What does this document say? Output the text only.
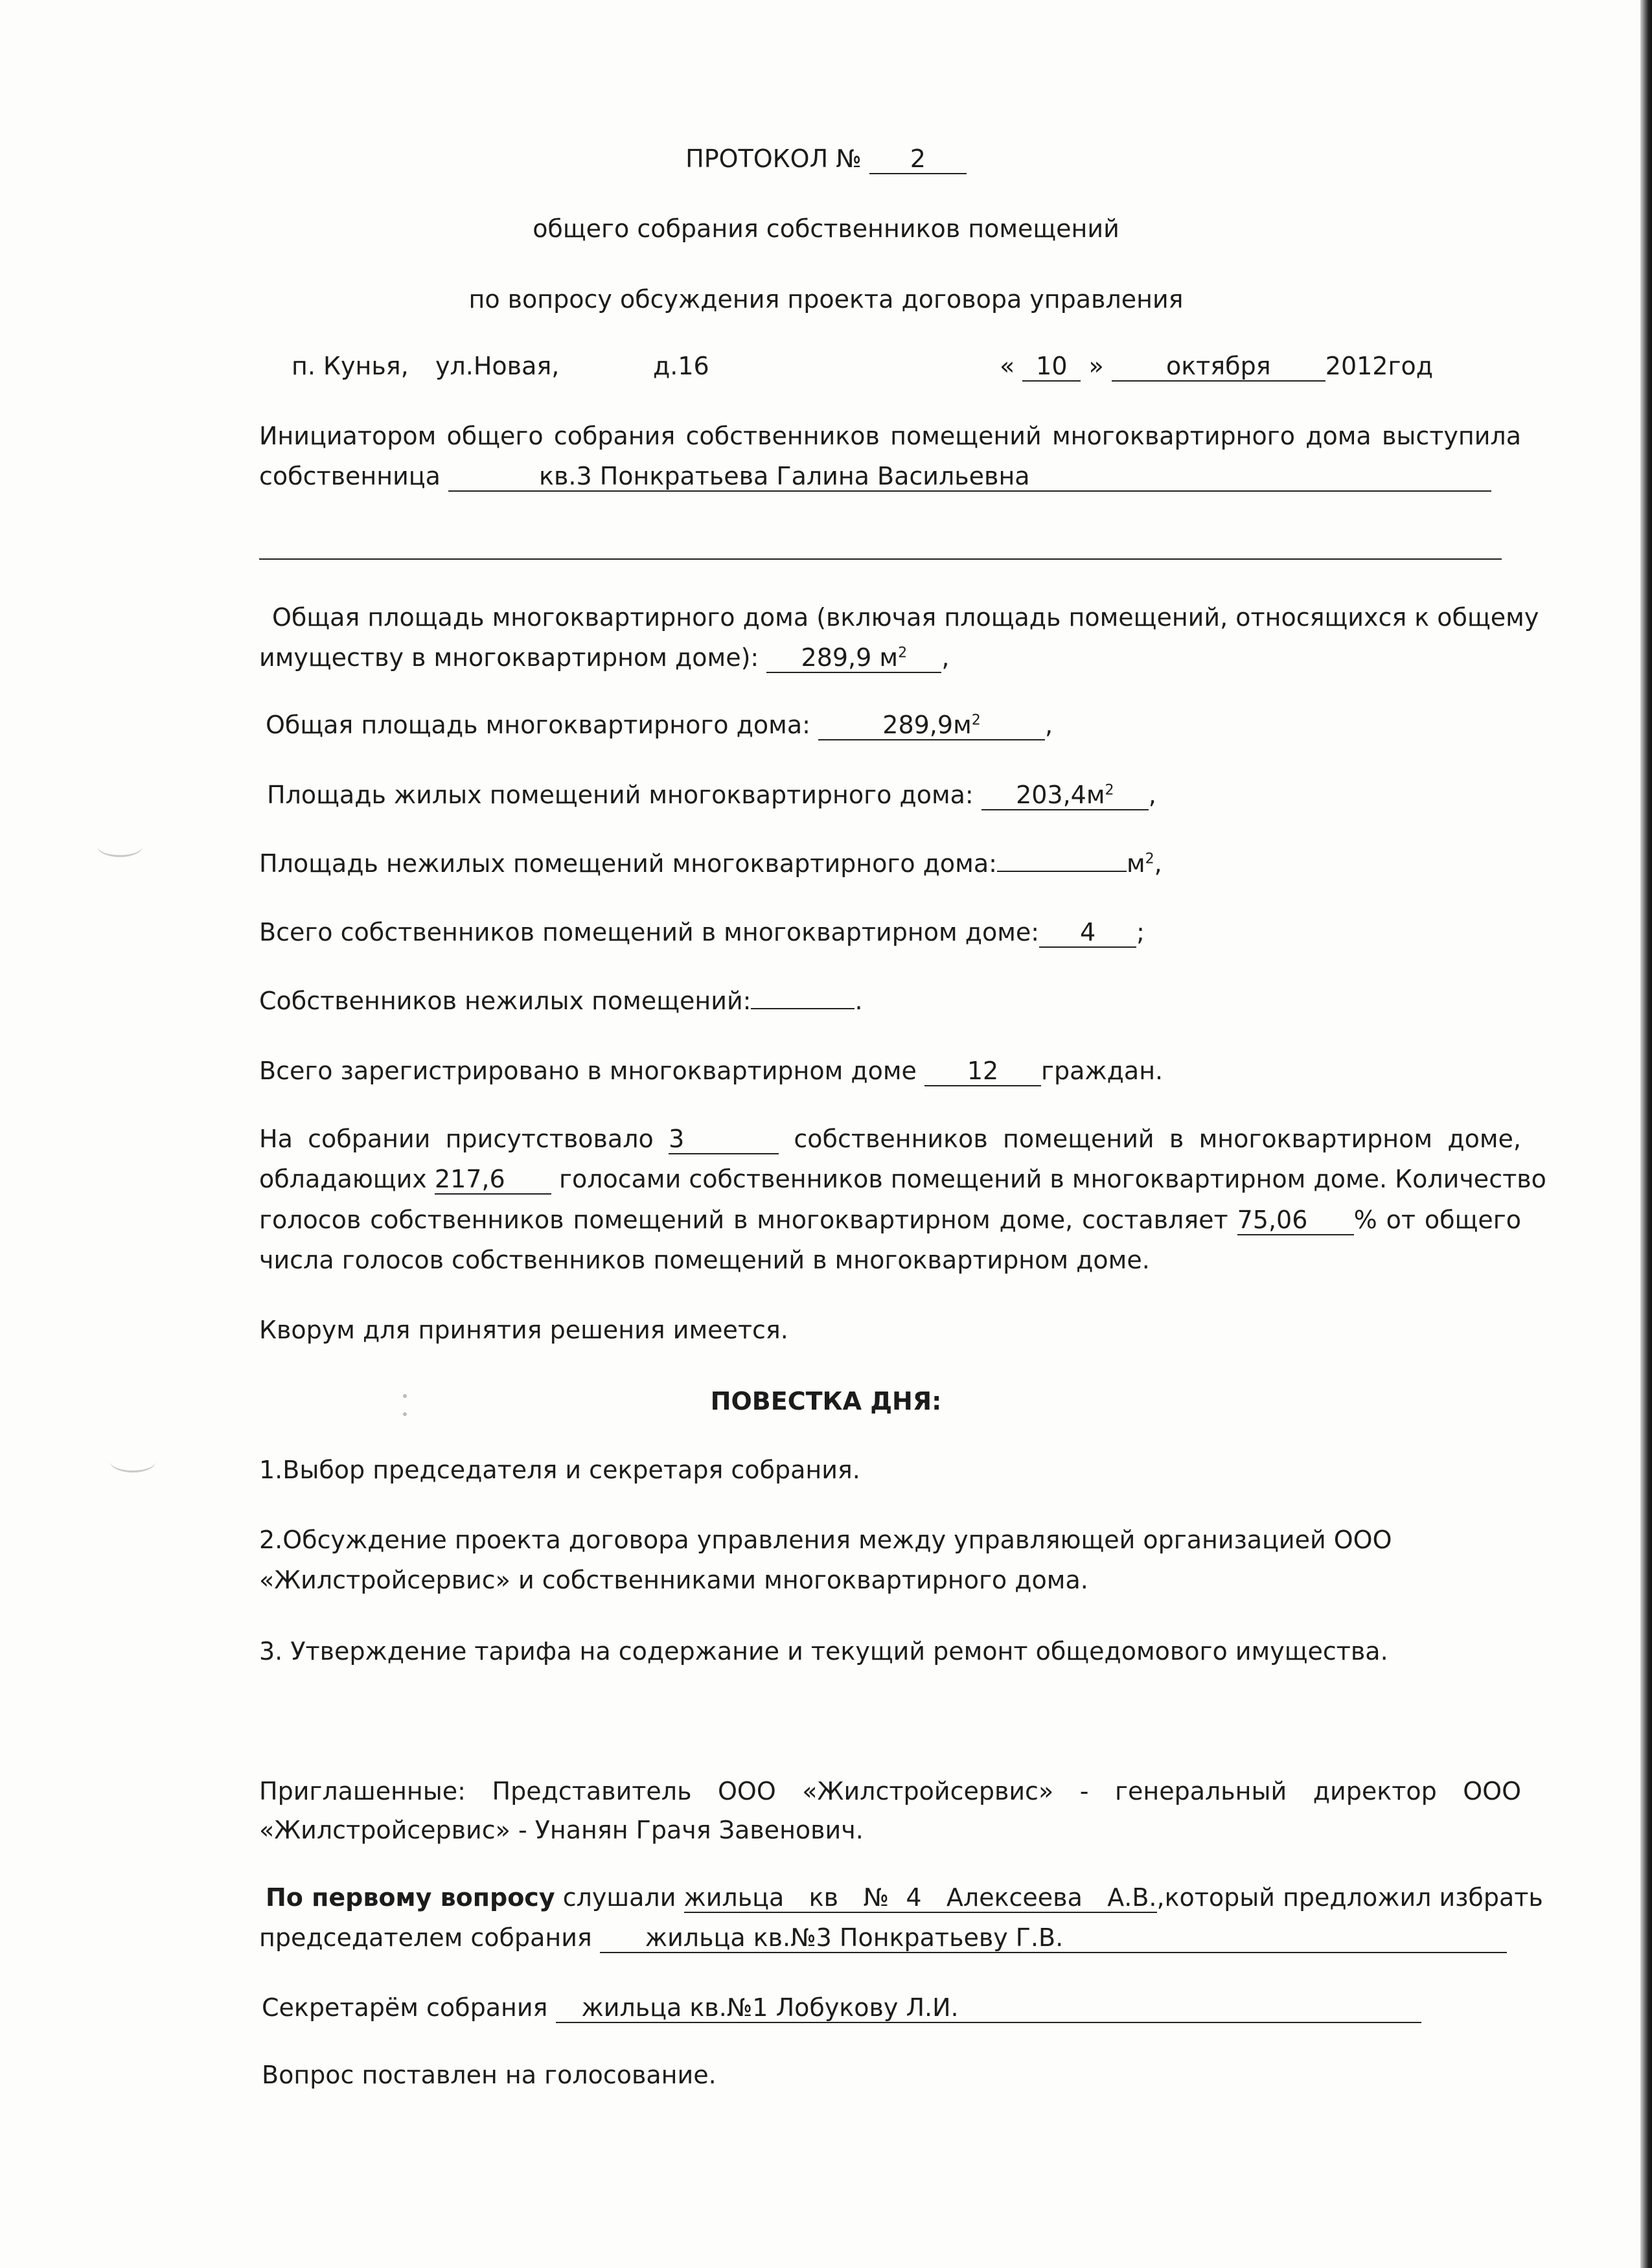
ПРОТОКОЛ № 2
общего собрания собственников помещений
по вопросу обсуждения проекта договора управления
п. Кунья, ул.Новая,	д.16	« 10 »	октября 2012год
Инициатором общего собрания собственников помещений многоквартирного дома выступила
собственница	кв.3 Понкратьева Галина Васильевна
Общая площадь многоквартирного дома (включая площадь помещений, относящихся к общему
имуществу в многоквартирном доме): 289,9 $м^2$ ,
Общая площадь многоквартирного дома:	$289,9м^2$	,
Площадь жилых помещений многоквартирного дома: $203,4м^2$ ,
Площадь нежилых помещений многоквартирного дома:	$м^2$,
Всего собственников помещений в многоквартирном доме: 4 ;
Собственников нежилых помещений:	.
Всего зарегистрировано в многоквартирном доме 12 граждан.
На собрании присутствовало 3	собственников помещений в многоквартирном доме,
обладающих 217,6 голосами собственников помещений в многоквартирном доме. Количество
голосов собственников помещений в многоквартирном доме, составляет 75,06 % от общего
числа голосов собственников помещений в многоквартирном доме.
Кворум для принятия решения имеется.
ПОВЕСТКА ДНЯ:
1.Выбор председателя и секретаря собрания.
2.Обсуждение проекта договора управления между управляющей организацией ООО
«Жилстройсервис» и собственниками многоквартирного дома.
3. Утверждение тарифа на содержание и текущий ремонт общедомового имущества.
Приглашенные: Представитель ООО «Жилстройсервис» - генеральный директор ООО
«Жилстройсервис» - Унанян Грачя Завенович.
По первому вопросу слушали жильца кв №4 Алексеева А.В.,который предложил избрать
председателем собрания жильца кв.№3 Понкратьеву Г.В.
Секретарём собрания жильца кв.№1 Лобукову Л.И.
Вопрос поставлен на голосование.
